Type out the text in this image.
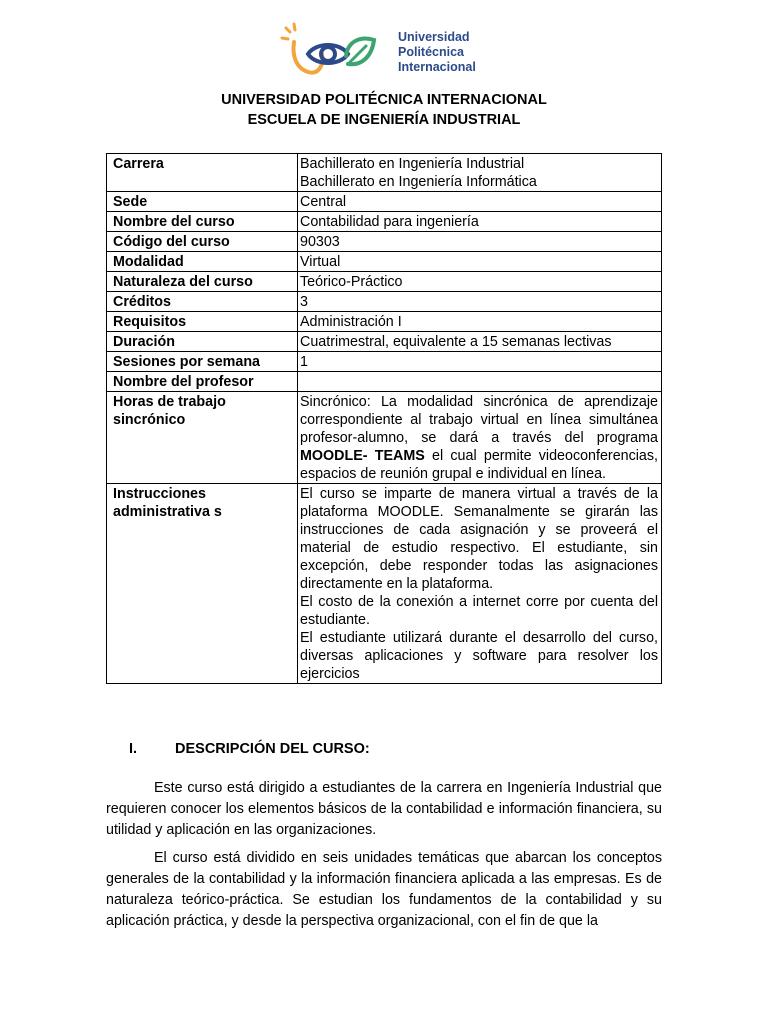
Universidad
Politécnica
Internacional
UNIVERSIDAD POLITÉCNICA INTERNACIONAL
ESCUELA DE INGENIERÍA INDUSTRIAL
Carrera	Bachillerato en Ingeniería Industrial
Bachillerato en Ingeniería Informática

Sede	Central
Nombre del curso	Contabilidad para ingeniería
Código del curso	90303
Modalidad	Virtual
Naturaleza del curso	Teórico-Práctico
Créditos	3
Requisitos	Administración I
Duración	Cuatrimestral, equivalente a 15 semanas lectivas
Sesiones por semana	1
Nombre del profesor	
Horas de trabajo sincrónico	Sincrónico: La modalidad sincrónica de aprendizaje correspondiente al trabajo virtual en línea simultánea profesor-alumno, se dará a través del programa MOODLE- TEAMS el cual permite videoconferencias, espacios de reunión grupal e individual en línea.

Instrucciones administrativa s	El curso se imparte de manera virtual a través de la plataforma MOODLE. Semanalmente se girarán las instrucciones de cada asignación y se proveerá el material de estudio respectivo. El estudiante, sin excepción, debe responder todas las asignaciones directamente en la plataforma.
El costo de la conexión a internet corre por cuenta del estudiante.
El estudiante utilizará durante el desarrollo del curso, diversas aplicaciones y software para resolver los ejercicios
I.	DESCRIPCIÓN DEL CURSO:
Este curso está dirigido a estudiantes de la carrera en Ingeniería Industrial que requieren conocer los elementos básicos de la contabilidad e información financiera, su utilidad y aplicación en las organizaciones.
El curso está dividido en seis unidades temáticas que abarcan los conceptos generales de la contabilidad y la información financiera aplicada a las empresas. Es de naturaleza teórico-práctica. Se estudian los fundamentos de la contabilidad y su aplicación práctica, y desde la perspectiva organizacional, con el fin de que la
